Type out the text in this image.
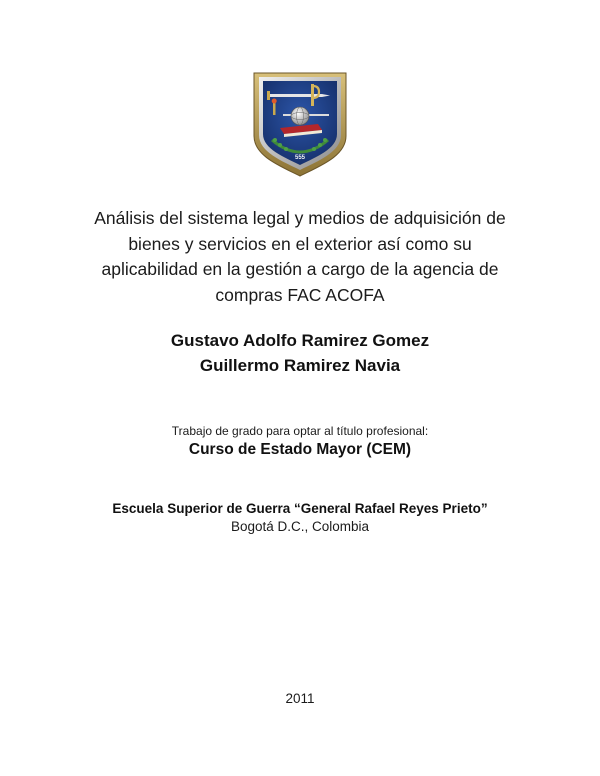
555
Análisis del sistema legal y medios de adquisición de
bienes y servicios en el exterior así como su
aplicabilidad en la gestión a cargo de la agencia de
compras FAC ACOFA
Gustavo Adolfo Ramirez Gomez
Guillermo Ramirez Navia
Trabajo de grado para optar al título profesional:
Curso de Estado Mayor (CEM)
Escuela Superior de Guerra “General Rafael Reyes Prieto”
Bogotá D.C., Colombia
2011
